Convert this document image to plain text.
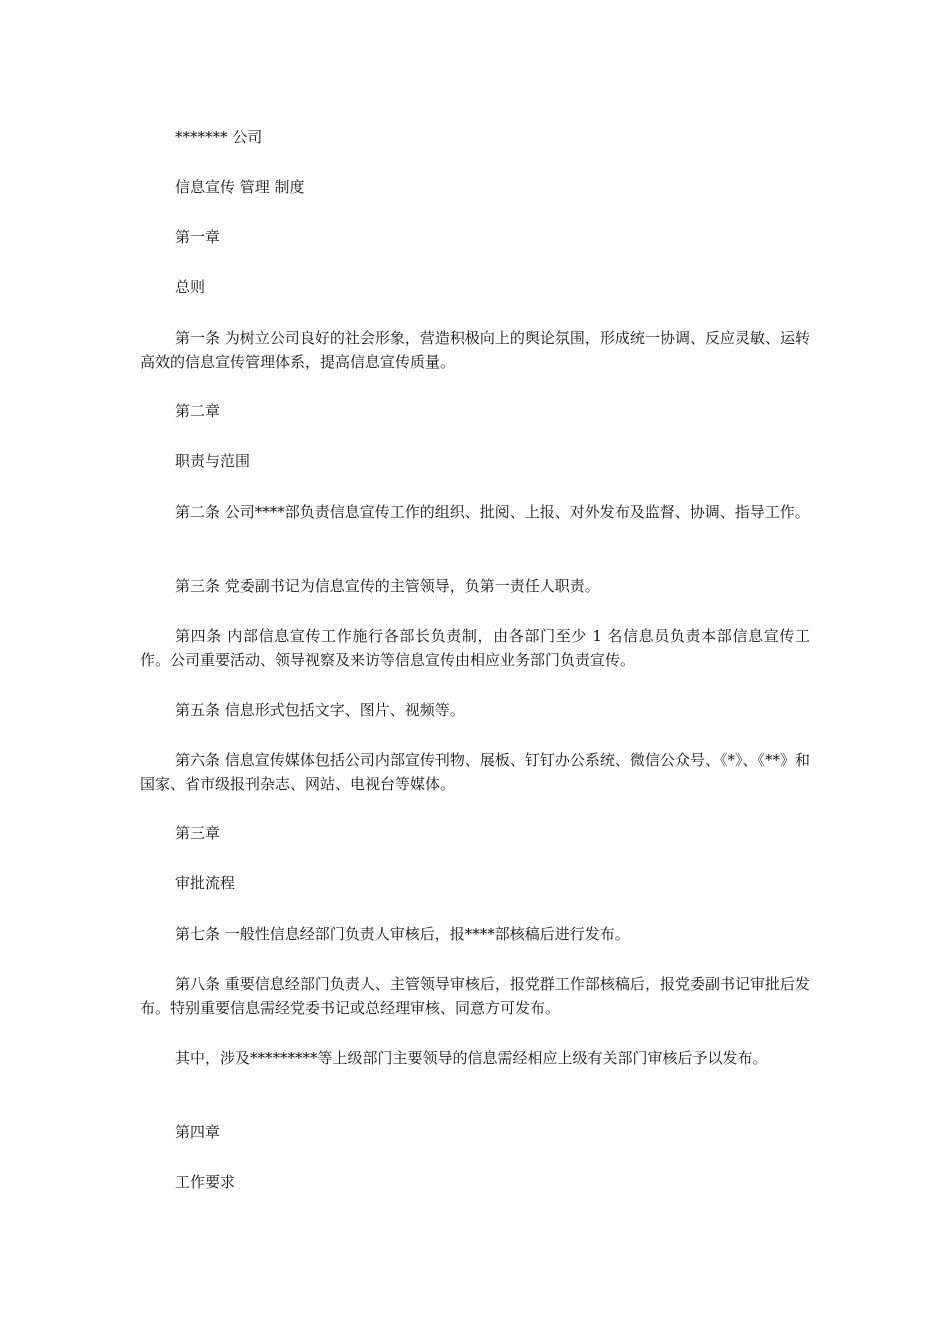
******* 公司
信息宣传 管理 制度
第一章
总则
第一条 为树立公司良好的社会形象，营造积极向上的舆论氛围，形成统一协调、反应灵敏、运转高效的信息宣传管理体系，提高信息宣传质量。
第二章
职责与范围
第二条 公司****部负责信息宣传工作的组织、批阅、上报、对外发布及监督、协调、指导工作。
第三条 党委副书记为信息宣传的主管领导，负第一责任人职责。
第四条 内部信息宣传工作施行各部长负责制，由各部门至少 1 名信息员负责本部信息宣传工作。公司重要活动、领导视察及来访等信息宣传由相应业务部门负责宣传。
第五条 信息形式包括文字、图片、视频等。
第六条 信息宣传媒体包括公司内部宣传刊物、展板、钉钉办公系统、微信公众号、《*》、《**》和国家、省市级报刊杂志、网站、电视台等媒体。
第三章
审批流程
第七条 一般性信息经部门负责人审核后，报****部核稿后进行发布。
第八条 重要信息经部门负责人、主管领导审核后，报党群工作部核稿后，报党委副书记审批后发布。特别重要信息需经党委书记或总经理审核、同意方可发布。
其中，涉及*********等上级部门主要领导的信息需经相应上级有关部门审核后予以发布。
第四章
工作要求
